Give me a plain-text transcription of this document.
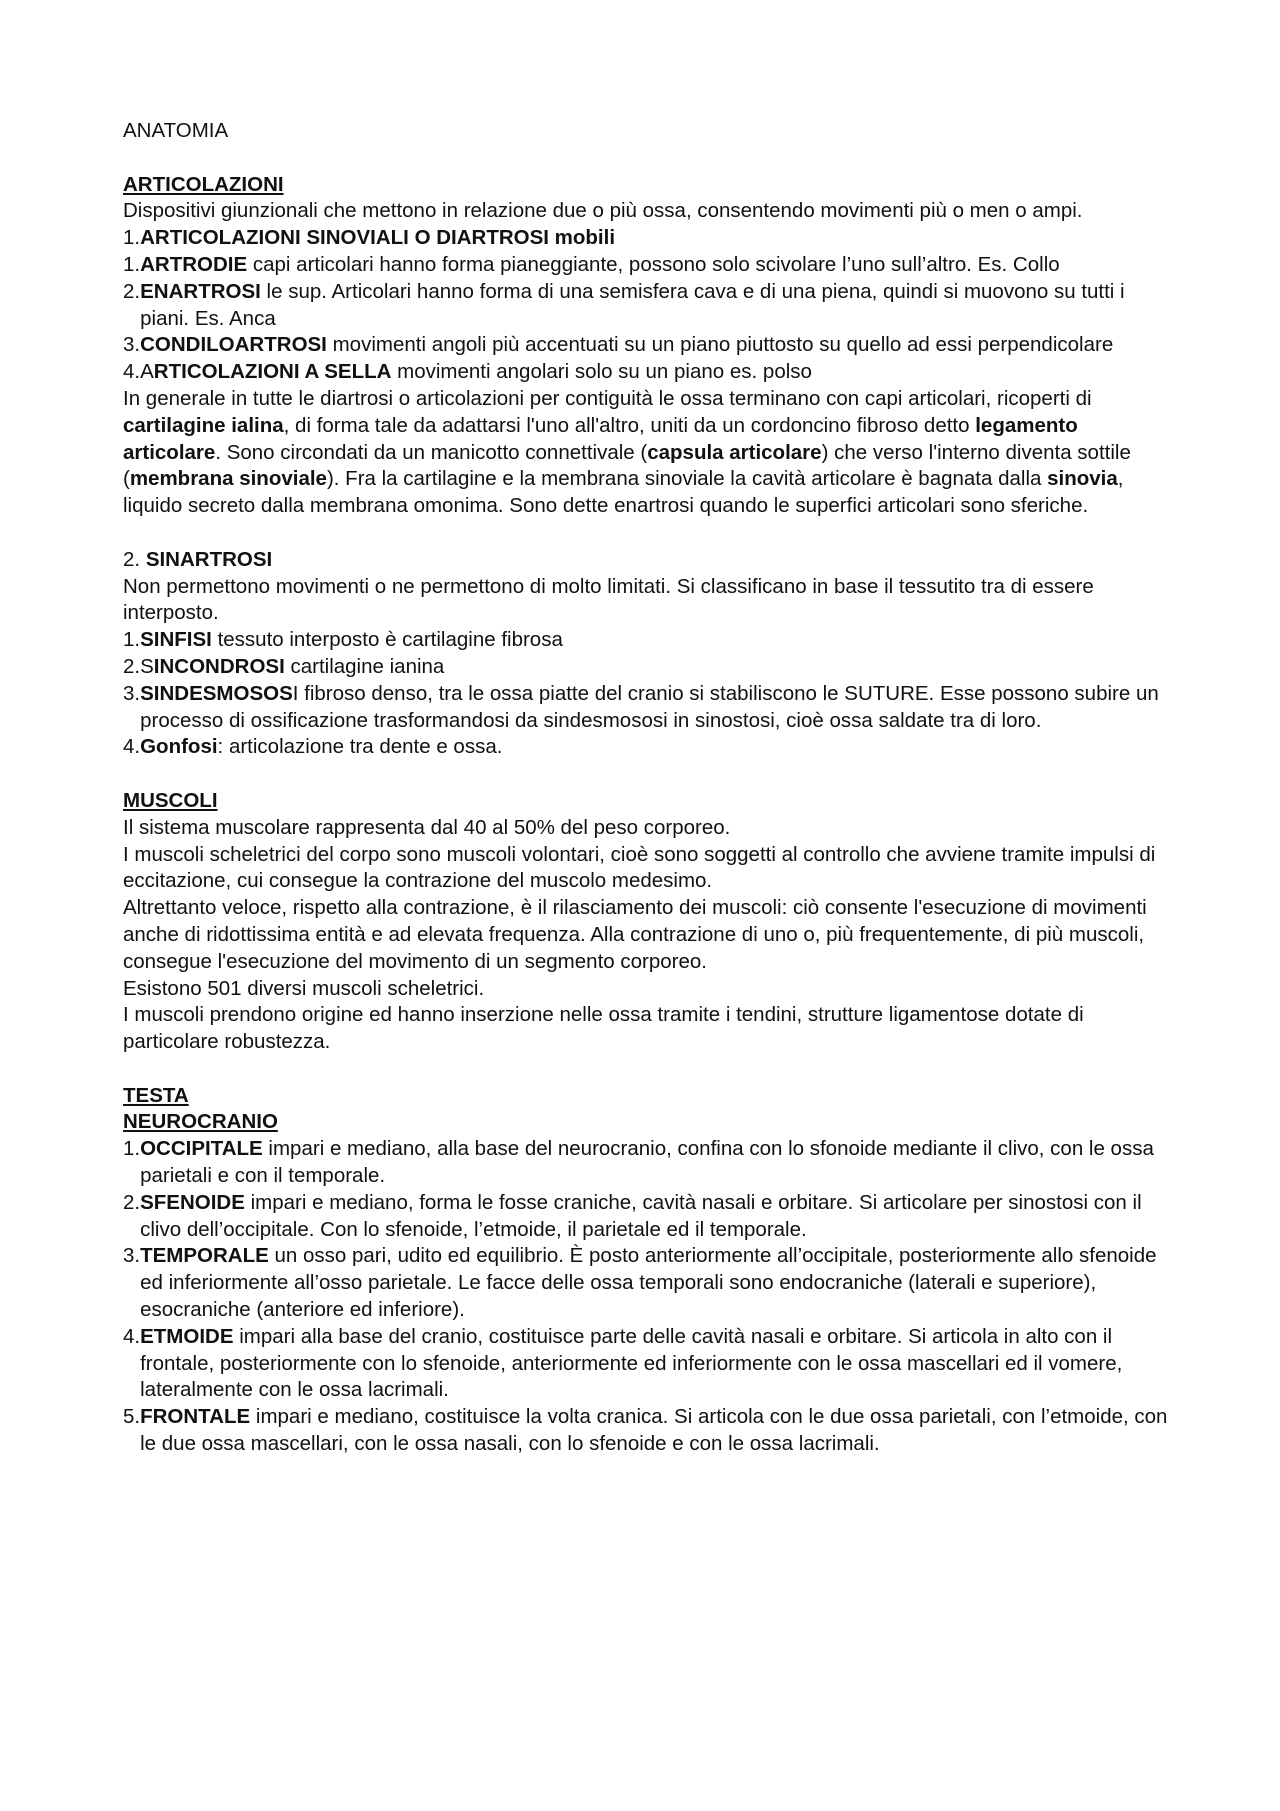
ANATOMIA

ARTICOLAZIONI

Dispositivi giunzionali che mettono in relazione due o più ossa, consentendo movimenti più o men o ampi.

1. ARTICOLAZIONI SINOVIALI O DIARTROSI mobili
1. ARTRODIE capi articolari hanno forma pianeggiante, possono solo scivolare l’uno sull’altro. Es. Collo
2. ENARTROSI le sup. Articolari hanno forma di una semisfera cava e di una piena, quindi si muovono su tutti i piani. Es. Anca
3. CONDILOARTROSI movimenti angoli più accentuati su un piano piuttosto su quello ad essi perpendicolare
4. ARTICOLAZIONI A SELLA movimenti angolari solo su un piano es. polso

In generale in tutte le diartrosi o articolazioni per contiguità le ossa terminano con capi articolari, ricoperti di cartilagine ialina, di forma tale da adattarsi l'uno all'altro, uniti da un cordoncino fibroso detto legamento articolare. Sono circondati da un manicotto connettivale (capsula articolare) che verso l'interno diventa sottile (membrana sinoviale). Fra la cartilagine e la membrana sinoviale la cavità articolare è bagnata dalla sinovia, liquido secreto dalla membrana omonima. Sono dette enartrosi quando le superfici articolari sono sferiche.

2. SINARTROSI

Non permettono movimenti o ne permettono di molto limitati. Si classificano in base il tessutito tra di essere interposto.

1. SINFISI tessuto interposto è cartilagine fibrosa
2. SINCONDROSI cartilagine ianina
3. SINDESMOSOSI fibroso denso, tra le ossa piatte del cranio si stabiliscono le SUTURE. Esse possono subire un processo di ossificazione trasformandosi da sindesmososi in sinostosi, cioè ossa saldate tra di loro.
4. Gonfosi: articolazione tra dente e ossa.

MUSCOLI

Il sistema muscolare rappresenta dal 40 al 50% del peso corporeo.

I muscoli scheletrici del corpo sono muscoli volontari, cioè sono soggetti al controllo che avviene tramite impulsi di eccitazione, cui consegue la contrazione del muscolo medesimo.

Altrettanto veloce, rispetto alla contrazione, è il rilasciamento dei muscoli: ciò consente l'esecuzione di movimenti anche di ridottissima entità e ad elevata frequenza. Alla contrazione di uno o, più frequentemente, di più muscoli, consegue l'esecuzione del movimento di un segmento corporeo.

Esistono 501 diversi muscoli scheletrici.

I muscoli prendono origine ed hanno inserzione nelle ossa tramite i tendini, strutture ligamentose dotate di particolare robustezza.

TESTA

NEUROCRANIO

1. OCCIPITALE impari e mediano, alla base del neurocranio, confina con lo sfonoide mediante il clivo, con le ossa parietali e con il temporale.
2. SFENOIDE impari e mediano, forma le fosse craniche, cavità nasali e orbitare. Si articolare per sinostosi con il clivo dell’occipitale. Con lo sfenoide, l’etmoide, il parietale ed il temporale.
3. TEMPORALE un osso pari, udito ed equilibrio. È posto anteriormente all’occipitale, posteriormente allo sfenoide ed inferiormente all’osso parietale. Le facce delle ossa temporali sono endocraniche (laterali e superiore), esocraniche (anteriore ed inferiore).
4. ETMOIDE impari alla base del cranio, costituisce parte delle cavità nasali e orbitare. Si articola in alto con il frontale, posteriormente con lo sfenoide, anteriormente ed inferiormente con le ossa mascellari ed il vomere, lateralmente con le ossa lacrimali.
5. FRONTALE impari e mediano, costituisce la volta cranica. Si articola con le due ossa parietali, con l’etmoide, con le due ossa mascellari, con le ossa nasali, con lo sfenoide e con le ossa lacrimali.
